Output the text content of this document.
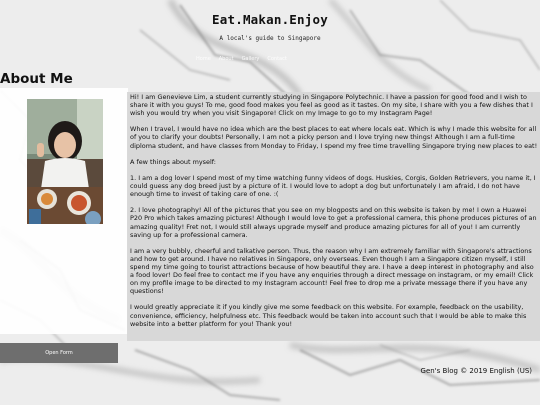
Eat.Makan.Enjoy
A local's guide to Singapore
Home About Gallery Contact
About Me
Open Form

Hi! I am Genevieve Lim, a student currently studying in Singapore Polytechnic. I have a passion for good food and I wish to share it with you guys! To me, good food makes you feel as good as it tastes. On my site, I share with you a few dishes that I wish you would try when you visit Singapore! Click on my Image to go to my Instagram Page!

When I travel, I would have no idea which are the best places to eat where locals eat. Which is why I made this website for all of you to clarify your doubts! Personally, I am not a picky person and I love trying new things! Although I am a full-time diploma student, and have classes from Monday to Friday, I spend my free time travelling Singapore trying new places to eat!

A few things about myself:

1. I am a dog lover I spend most of my time watching funny videos of dogs. Huskies, Corgis, Golden Retrievers, you name it, I could guess any dog breed just by a picture of it. I would love to adopt a dog but unfortunately I am afraid, I do not have enough time to invest of taking care of one. :(

2. I love photography! All of the pictures that you see on my blogposts and on this website is taken by me! I own a Huawei P20 Pro which takes amazing pictures! Although I would love to get a professional camera, this phone produces pictures of an amazing quality! Fret not, I would still always upgrade myself and produce amazing pictures for all of you! I am currently saving up for a professional camera.

I am a very bubbly, cheerful and talkative person. Thus, the reason why I am extremely familiar with Singapore's attractions and how to get around. I have no relatives in Singapore, only overseas. Even though I am a Singapore citizen myself, I still spend my time going to tourist attractions because of how beautiful they are. I have a deep interest in photography and also a food lover! Do feel free to contact me if you have any enquiries through a direct message on instagram, or my email! Click on my profile image to be directed to my Instagram account! Feel free to drop me a private message there if you have any questions!

I would greatly appreciate it if you kindly give me some feedback on this website. For example, feedback on the usability, convenience, efficiency, helpfulness etc. This feedback would be taken into account such that I would be able to make this website into a better platform for you! Thank you!

Gen's Blog © 2019 English (US)
